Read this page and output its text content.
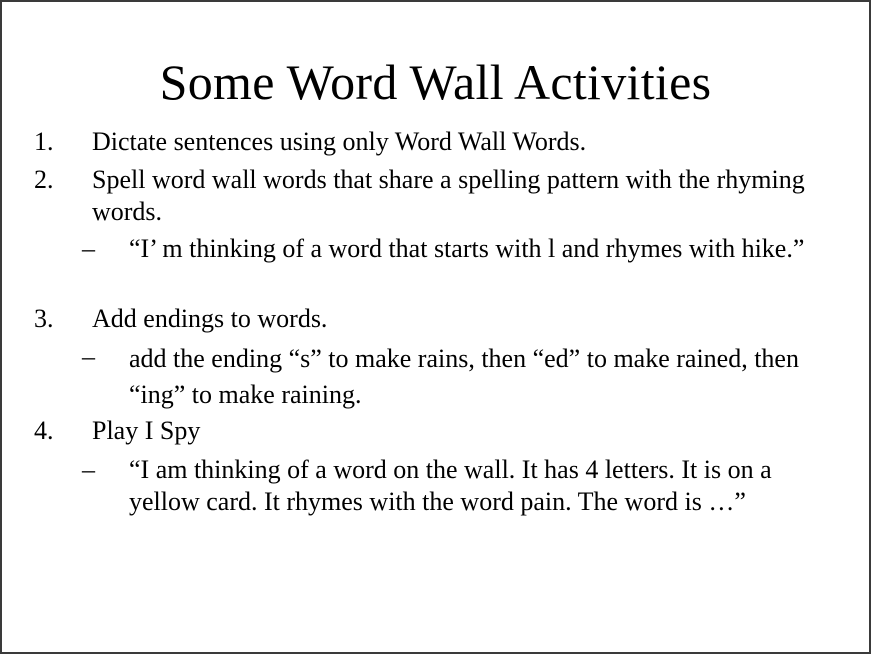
Some Word Wall Activities
1. Dictate sentences using only Word Wall Words.
2. Spell word wall words that share a spelling pattern with the rhyming words.
– “I’ m thinking of a word that starts with l and rhymes with hike.”
3. Add endings to words.
– add the ending “s” to make rains, then “ed” to make rained, then “ing” to make raining.
4. Play I Spy
– “I am thinking of a word on the wall. It has 4 letters. It is on a yellow card. It rhymes with the word pain. The word is …”
